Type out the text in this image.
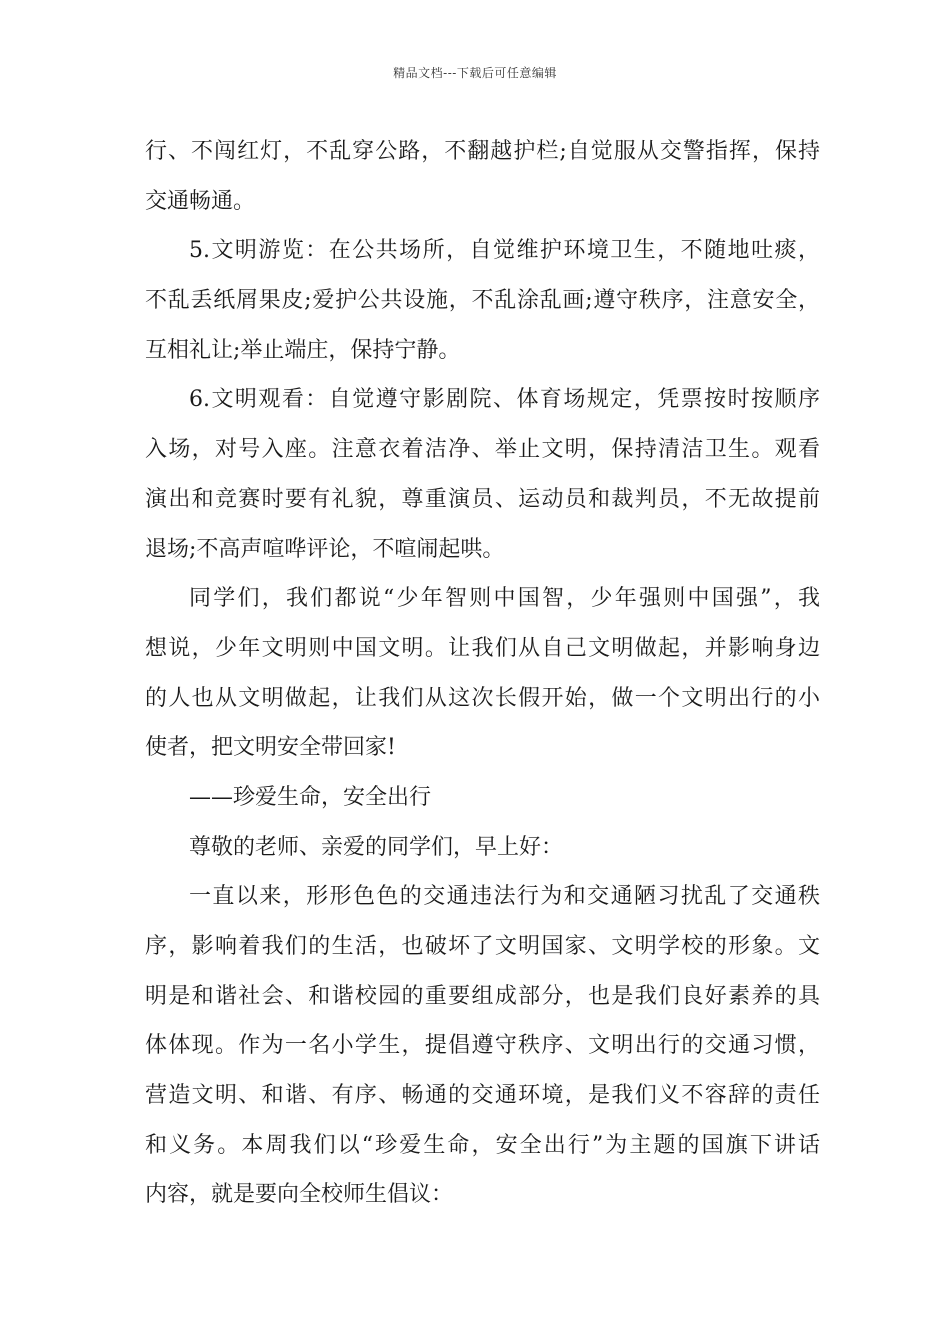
精品文档---下载后可任意编辑
行、不闯红灯，不乱穿公路，不翻越护栏;自觉服从交警指挥，保持
交通畅通。
5.文明游览：在公共场所，自觉维护环境卫生，不随地吐痰，
不乱丢纸屑果皮;爱护公共设施，不乱涂乱画;遵守秩序，注意安全，
互相礼让;举止端庄，保持宁静。
6.文明观看：自觉遵守影剧院、体育场规定，凭票按时按顺序
入场，对号入座。注意衣着洁净、举止文明，保持清洁卫生。观看
演出和竞赛时要有礼貌，尊重演员、运动员和裁判员，不无故提前
退场;不高声喧哗评论，不喧闹起哄。
同学们，我们都说“少年智则中国智，少年强则中国强”，我
想说，少年文明则中国文明。让我们从自己文明做起，并影响身边
的人也从文明做起，让我们从这次长假开始，做一个文明出行的小
使者，把文明安全带回家!
——珍爱生命，安全出行
尊敬的老师、亲爱的同学们，早上好：
一直以来，形形色色的交通违法行为和交通陋习扰乱了交通秩
序，影响着我们的生活，也破坏了文明国家、文明学校的形象。文
明是和谐社会、和谐校园的重要组成部分，也是我们良好素养的具
体体现。作为一名小学生，提倡遵守秩序、文明出行的交通习惯，
营造文明、和谐、有序、畅通的交通环境，是我们义不容辞的责任
和义务。本周我们以“珍爱生命，安全出行”为主题的国旗下讲话
内容，就是要向全校师生倡议：
